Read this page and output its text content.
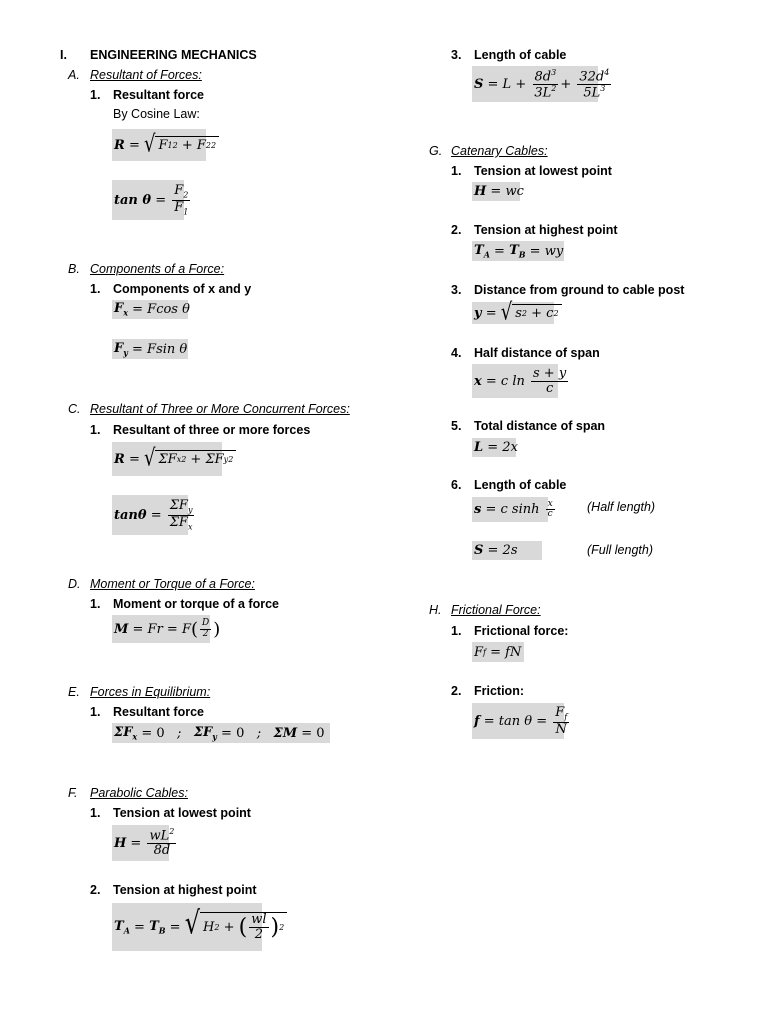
I. ENGINEERING MECHANICS
A. Resultant of Forces:
1. Resultant force
By Cosine Law:
R = √ F 1 2 + F 2 2
$\tan \theta = \frac{F_2}{F_1}$
B. Components of a Force:
1. Components of x and y
$F_x = Fcos$ θ
$F_y = Fsin$ θ
C. Resultant of Three or More Concurrent Forces:
1. Resultant of three or more forces
R = √ ΣF x 2 + ΣF y 2
$\tan\theta = \frac{\Sigma F_y}{\Sigma F_x}$
D. Moment or Torque of a Force:
1. Moment or torque of a force
M = Fr = F ( $\frac{D}{2}$ )
E. Forces in Equilibrium:
1. Resultant force
$\Sigma F_x$
= 0 ; $\Sigma F_y$
= 0 ; ΣM
= 0
F. Parabolic Cables:
1. Tension at lowest point
$H = \frac{wL^2}{8d}$
2. Tension at highest point
$T_A = T_B$ = √ H 2 + ( $\frac{wl}{2}$ ) 2
3. Length of cable
$S = L + \frac{8d^3}{3L^2} + \frac{32d^4}{5L^3}$
G. Catenary Cables:
1. Tension at lowest point
H = wc
2. Tension at highest point
$T_A = T_B$ = wy
3. Distance from ground to cable post
y = √ s 2 + c 2
4. Half distance of span
x = c $\ln \frac{s + y}{c}$
5. Total distance of span
L = 2x
6. Length of cable
s = c $\sinh \frac{x}{c}$	(Half length)
S = 2s	(Full length)
H. Frictional Force:
1. Frictional force:
F f = fN
2. Friction:
$f = \tan \theta = \frac{F_f}{N}$
